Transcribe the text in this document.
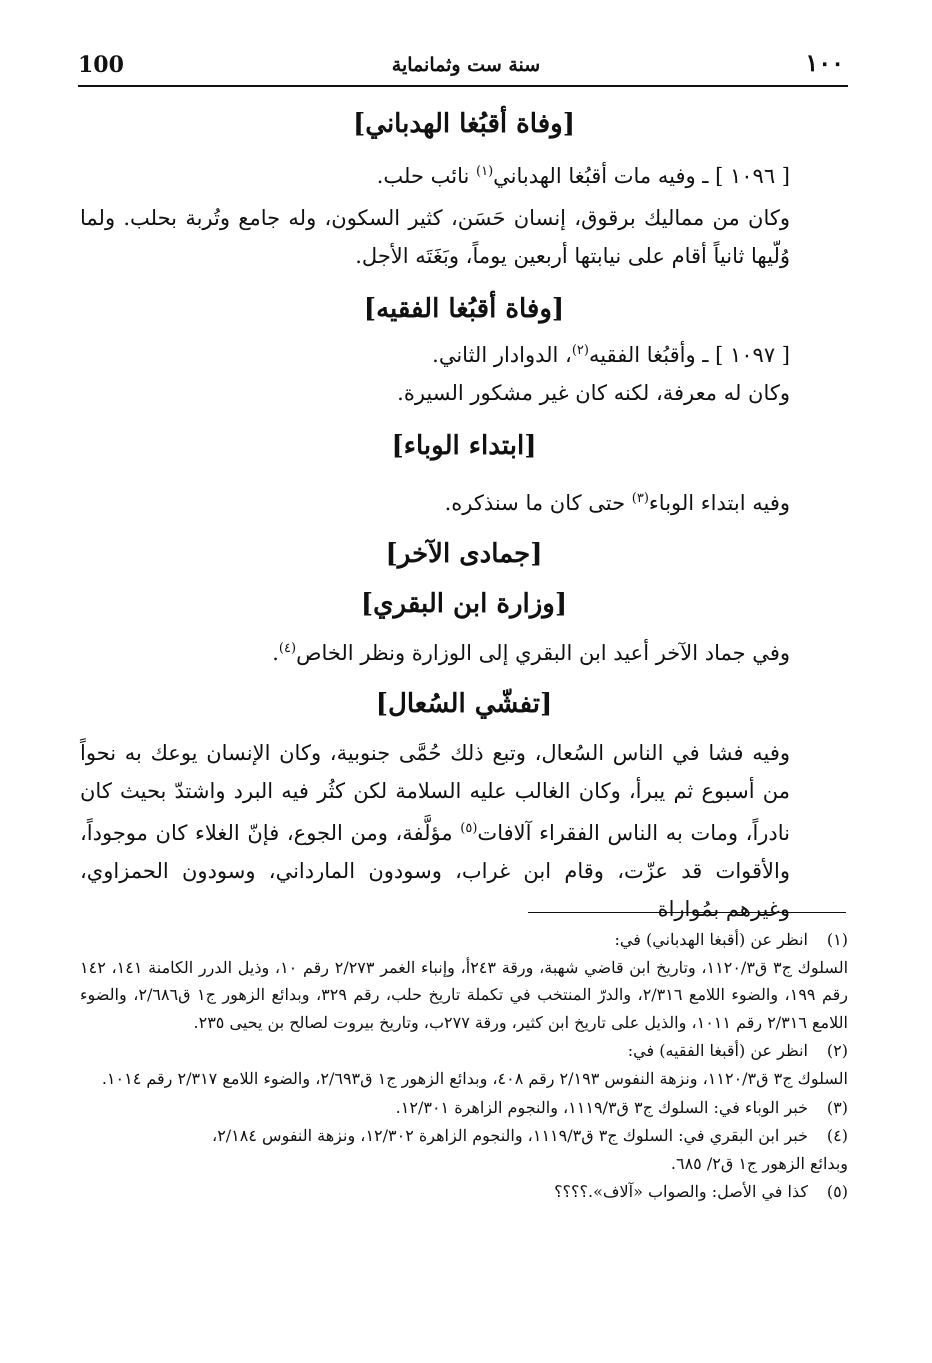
100	سنة ست وثمانماية	١٠٠
[وفاة أقبُغا الهدباني]

[ ١٠٩٦ ] ـ وفيه مات أقبُغا الهدباني$^{(١)}$ نائب حلب.

وكان من مماليك برقوق، إنسان حَسَن، كثير السكون، وله جامع وتُربة بحلب. ولما وُلّيها ثانياً أقام على نيابتها أربعين يوماً، وبَغَتَه الأجل.

[وفاة أقبُغا الفقيه]

[ ١٠٩٧ ] ـ وأقبُغا الفقيه$^{(٢)}$، الدوادار الثاني.

وكان له معرفة، لكنه كان غير مشكور السيرة.

[ابتداء الوباء]

وفيه ابتداء الوباء$^{(٣)}$ حتى كان ما سنذكره.

[جمادى الآخر]
[وزارة ابن البقري]

وفي جماد الآخر أعيد ابن البقري إلى الوزارة ونظر الخاص$^{(٤)}$.

[تفشّي السُعال]

وفيه فشا في الناس السُعال، وتبع ذلك حُمَّى جنوبية، وكان الإنسان يوعك به نحواً من أسبوع ثم يبرأ، وكان الغالب عليه السلامة لكن كثُر فيه البرد واشتدّ بحيث كان نادراً، ومات به الناس الفقراء آلافات$^{(٥)}$ مؤلَّفة، ومن الجوع، فإنّ الغلاء كان موجوداً، والأقوات قد عزّت، وقام ابن غراب، وسودون المارداني، وسودون الحمزاوي، وغيرهم بمُواراة

(١)
انظر عن (أقبغا الهدباني) في:

السلوك ج٣ ق١١٢٠/٣، وتاريخ ابن قاضي شهبة، ورقة ٢٤٣أ، وإنباء الغمر ٢/٢٧٣ رقم ١٠، وذيل الدرر الكامنة ١٤١، ١٤٢ رقم ١٩٩، والضوء اللامع ٢/٣١٦، والدرّ المنتخب في تكملة تاريخ حلب، رقم ٣٢٩، وبدائع الزهور ج١ ق٢/٦٨٦، والضوء اللامع ٢/٣١٦ رقم ١٠١١، والذيل على تاريخ ابن كثير، ورقة ٢٧٧ب، وتاريخ بيروت لصالح بن يحيى ٢٣٥.

(٢)
انظر عن (أقبغا الفقيه) في:

السلوك ج٣ ق١١٢٠/٣، ونزهة النفوس ٢/١٩٣ رقم ٤٠٨، وبدائع الزهور ج١ ق٢/٦٩٣، والضوء اللامع ٢/٣١٧ رقم ١٠١٤.

(٣)
خبر الوباء في: السلوك ج٣ ق١١١٩/٣، والنجوم الزاهرة ١٢/٣٠١.
(٤)
خبر ابن البقري في: السلوك ج٣ ق١١١٩/٣، والنجوم الزاهرة ١٢/٣٠٢، ونزهة النفوس ٢/١٨٤،

وبدائع الزهور ج١ ق٢/ ٦٨٥.

(٥)
كذا في الأصل: والصواب «آلاف».؟؟؟؟
